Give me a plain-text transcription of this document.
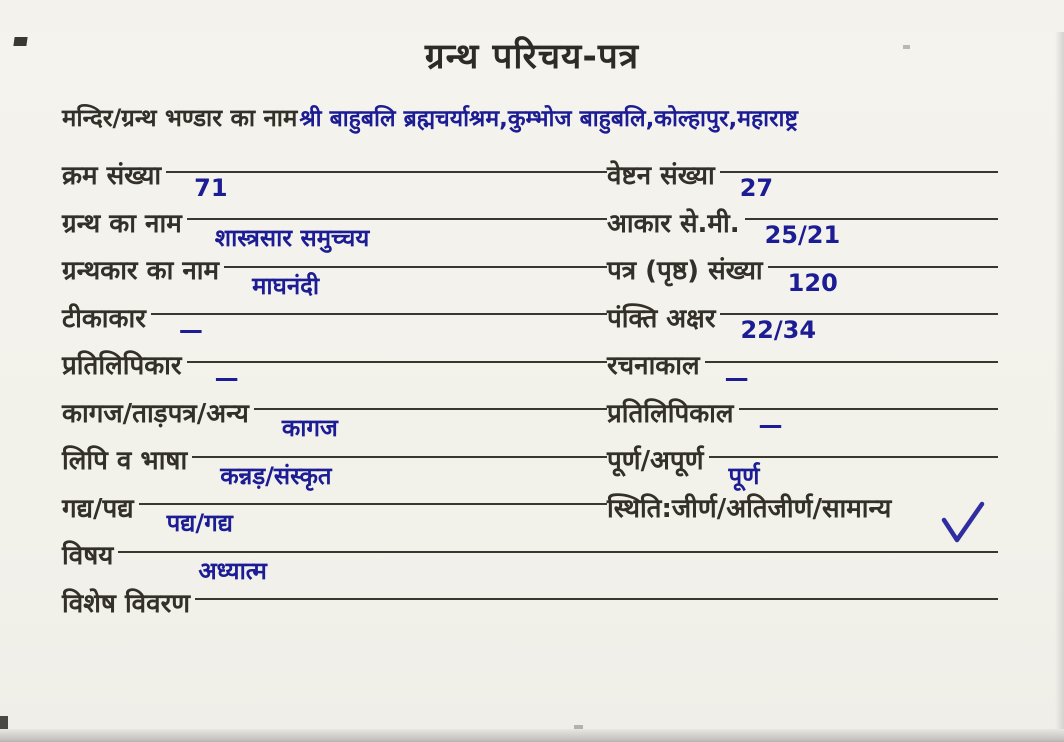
ग्रन्थ परिचय-पत्र
मन्दिर/ग्रन्थ भण्डार का नाम श्री बाहुबलि ब्रह्मचर्याश्रम,कुम्भोज बाहुबलि,कोल्हापुर,महाराष्ट्र
क्रम संख्या 71	वेष्टन संख्या 27
ग्रन्थ का नाम शास्त्रसार समुच्चय	आकार से.मी. 25/21
ग्रन्थकार का नाम माघनंदी	पत्र (पृष्ठ) संख्या 120
टीकाकार —	पंक्ति अक्षर 22/34
प्रतिलिपिकार —	रचनाकाल —
कागज/ताड़पत्र/अन्य कागज	प्रतिलिपिकाल —
लिपि व भाषा कन्नड़/संस्कृत	पूर्ण/अपूर्ण पूर्ण
गद्य/पद्य पद्य/गद्य	स्थिति:जीर्ण/अतिजीर्ण/सामान्य
विषय	अध्यात्म
विशेष विवरण
